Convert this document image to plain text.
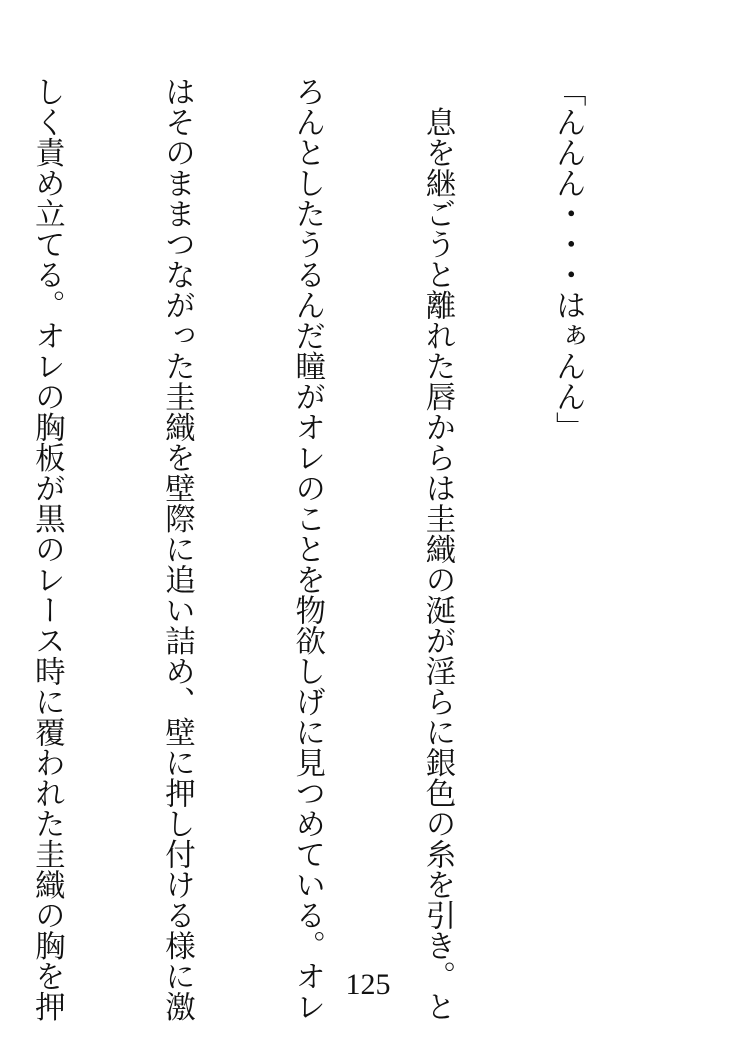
「んんん・・・はぁんん」

　息を継ごうと離れた唇からは圭織の涎が淫らに銀色の糸を引き。と

ろんとしたうるんだ瞳がオレのことを物欲しげに見つめている。オレ

はそのままつながった圭織を壁際に追い詰め、壁に押し付ける様に激

しく責め立てる。オレの胸板が黒のレース時に覆われた圭織の胸を押

	125
